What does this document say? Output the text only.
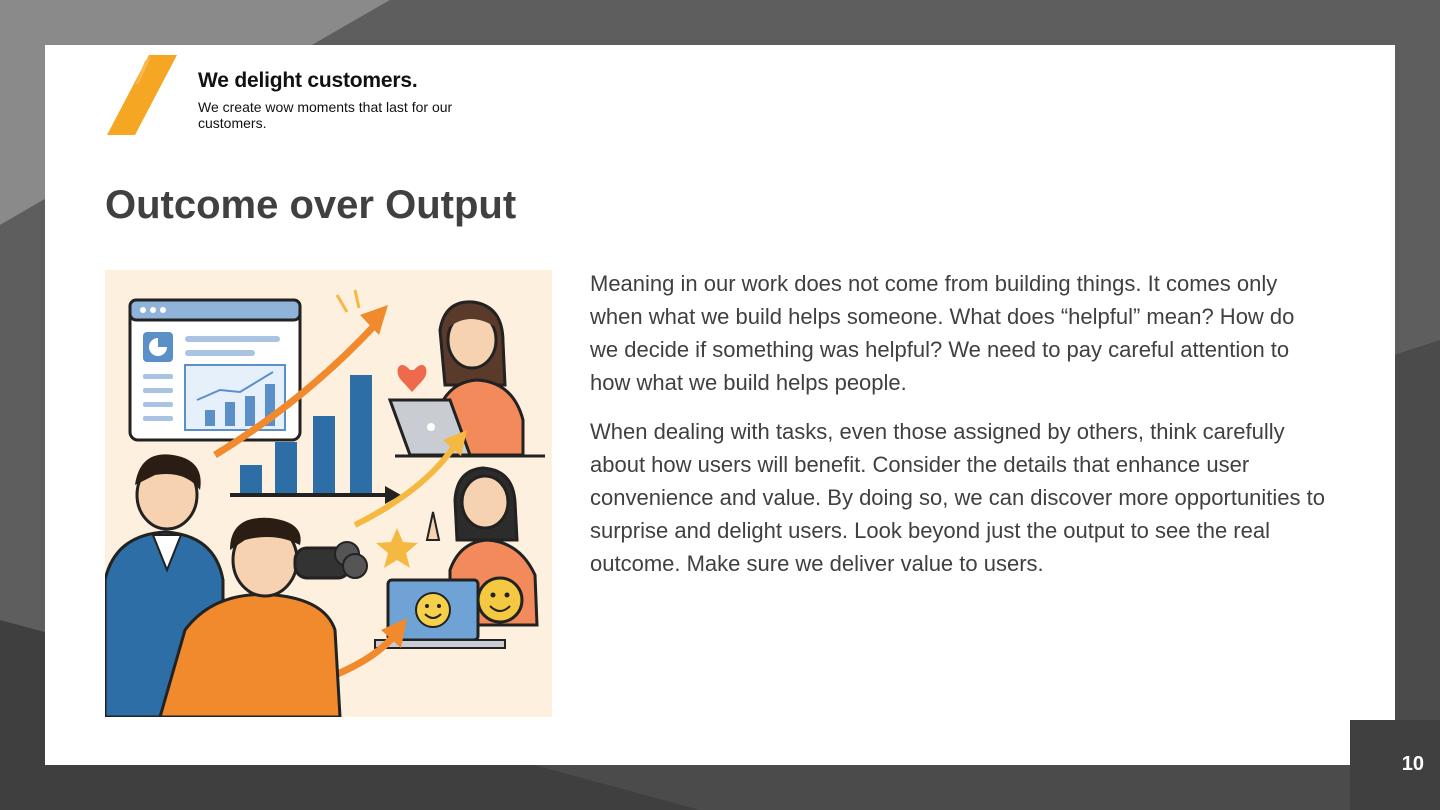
We delight customers.
We create wow moments that last for our customers.
Outcome over Output

Meaning in our work does not come from building things. It comes only when what we build helps someone. What does “helpful” mean? How do we decide if something was helpful? We need to pay careful attention to how what we build helps people.

When dealing with tasks, even those assigned by others, think carefully about how users will benefit. Consider the details that enhance user convenience and value. By doing so, we can discover more opportunities to surprise and delight users. Look beyond just the output to see the real outcome. Make sure we deliver value to users.

10
